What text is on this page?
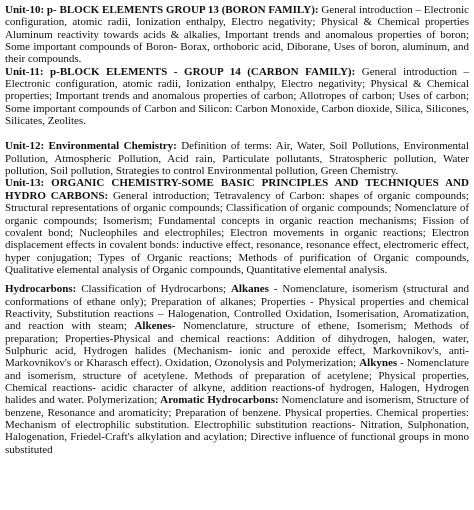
Unit-10: p- BLOCK ELEMENTS GROUP 13 (BORON FAMILY): General introduction – Electronic configuration, atomic radii, Ionization enthalpy, Electro negativity; Physical & Chemical properties Aluminum reactivity towards acids & alkalies, Important trends and anomalous properties of boron; Some important compounds of Boron- Borax, orthoboric acid, Diborane, Uses of boron, aluminum, and their compounds.

Unit-11: p-BLOCK ELEMENTS - GROUP 14 (CARBON FAMILY): General introduction – Electronic configuration, atomic radii, Ionization enthalpy, Electro negativity; Physical & Chemical properties; Important trends and anomalous properties of carbon; Allotropes of carbon; Uses of carbon; Some important compounds of Carbon and Silicon: Carbon Monoxide, Carbon dioxide, Silica, Silicones, Silicates, Zeolites.

Unit-12: Environmental Chemistry: Definition of terms: Air, Water, Soil Pollutions, Environmental Pollution, Atmospheric Pollution, Acid rain, Particulate pollutants, Stratospheric pollution, Water pollution, Soil pollution, Strategies to control Environmental pollution, Green Chemistry.

Unit-13: ORGANIC CHEMISTRY-SOME BASIC PRINCIPLES AND TECHNIQUES AND HYDRO CARBONS: General introduction; Tetravalency of Carbon: shapes of organic compounds; Structural representations of organic compounds; Classification of organic compounds; Nomenclature of organic compounds; Isomerism; Fundamental concepts in organic reaction mechanisms; Fission of covalent bond; Nucleophiles and electrophiles; Electron movements in organic reactions; Electron displacement effects in covalent bonds: inductive effect, resonance, resonance effect, electromeric effect, hyper conjugation; Types of Organic reactions; Methods of purification of Organic compounds, Qualitative elemental analysis of Organic compounds, Quantitative elemental analysis.

Hydrocarbons: Classification of Hydrocarbons; Alkanes - Nomenclature, isomerism (structural and conformations of ethane only); Preparation of alkanes; Properties - Physical properties and chemical Reactivity, Substitution reactions – Halogenation, Controlled Oxidation, Isomerisation, Aromatization, and reaction with steam; Alkenes- Nomenclature, structure of ethene, Isomerism; Methods of preparation; Properties-Physical and chemical reactions: Addition of dihydrogen, halogen, water, Sulphuric acid, Hydrogen halides (Mechanism- ionic and peroxide effect, Markovnikov's, anti-Markovnikov's or Kharasch effect). Oxidation, Ozonolysis and Polymerization; Alkynes - Nomenclature and isomerism, structure of acetylene. Methods of preparation of acetylene; Physical properties, Chemical reactions- acidic character of alkyne, addition reactions-of hydrogen, Halogen, Hydrogen halides and water. Polymerization; Aromatic Hydrocarbons: Nomenclature and isomerism, Structure of benzene, Resonance and aromaticity; Preparation of benzene. Physical properties. Chemical properties: Mechanism of electrophilic substitution. Electrophilic substitution reactions- Nitration, Sulphonation, Halogenation, Friedel-Craft's alkylation and acylation; Directive influence of functional groups in mono substituted
